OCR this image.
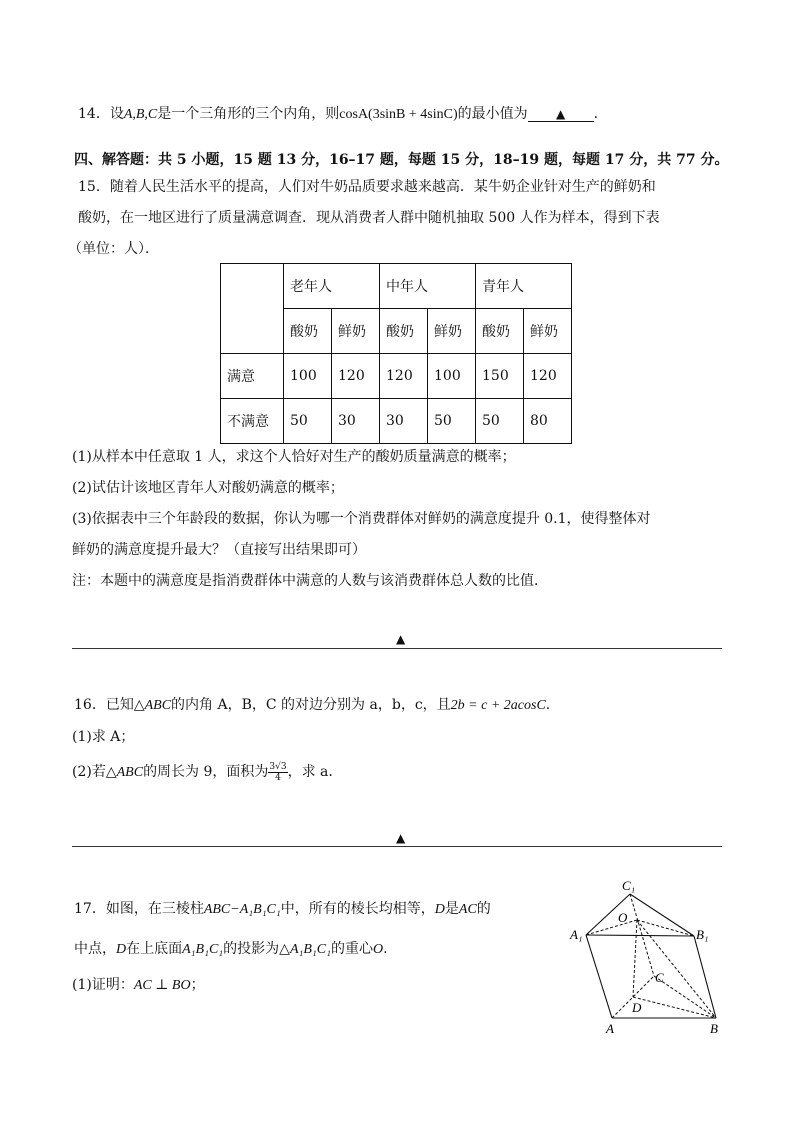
14．设A,B,C是一个三角形的三个内角，则cosA(3sinB + 4sinC)的最小值为 ▲ .
四、解答题：共 5 小题，15 题 13 分，16–17 题，每题 15 分，18–19 题，每题 17 分，共 77 分。
15．随着人民生活水平的提高，人们对牛奶品质要求越来越高．某牛奶企业针对生产的鲜奶和
酸奶，在一地区进行了质量满意调查．现从消费者人群中随机抽取 500 人作为样本，得到下表
（单位：人）．
	老年人		中年人		青年人	
	酸奶	鲜奶	酸奶	鲜奶	酸奶	鲜奶
满意	100	120	120	100	150	120
不满意	50	30	30	50	50	80
(1)从样本中任意取 1 人，求这个人恰好对生产的酸奶质量满意的概率；
(2)试估计该地区青年人对酸奶满意的概率；
(3)依据表中三个年龄段的数据，你认为哪一个消费群体对鲜奶的满意度提升 0.1，使得整体对
鲜奶的满意度提升最大？（直接写出结果即可）
注：本题中的满意度是指消费群体中满意的人数与该消费群体总人数的比值．
▲
16．已知△ABC的内角 A，B，C 的对边分别为 a，b，c，且2b = c + 2acosC.
(1)求 A；
(2)若△ABC的周长为 9，面积为 $\frac{3√3}{4}$ ，求 a.
▲
17．如图，在三棱柱ABC−A₁B₁C₁中，所有的棱长均相等，D是AC的
中点，D在上底面A₁B₁C₁的投影为△A₁B₁C₁的重心O.
(1)证明：AC ⊥ BO；
C₁
O
A₁	B₁
C
D
A	B
